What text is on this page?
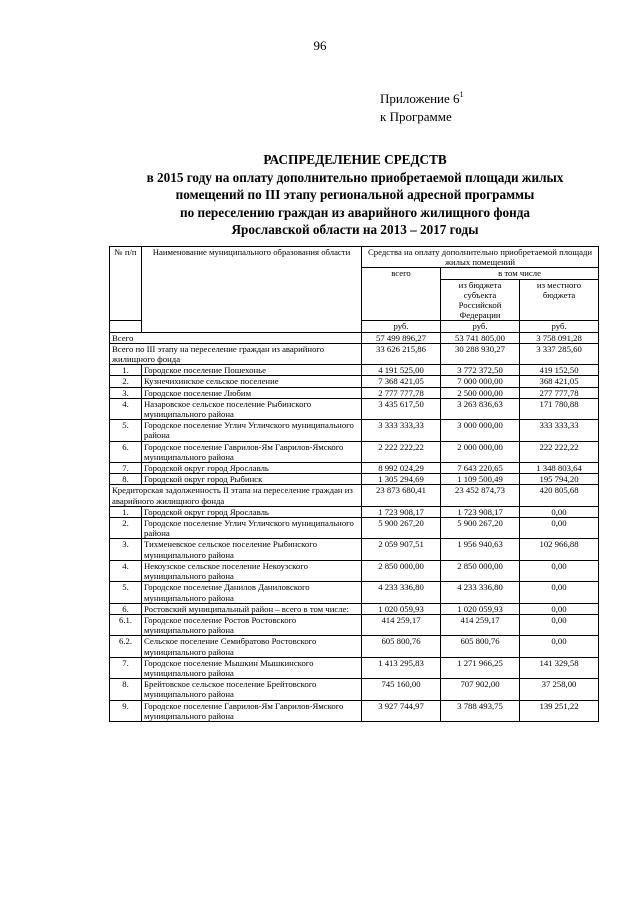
96
Приложение $6^1$
к Программе
РАСПРЕДЕЛЕНИЕ СРЕДСТВ
в 2015 году на оплату дополнительно приобретаемой площади жилых
помещений по III этапу региональной адресной программы
по переселению граждан из аварийного жилищного фонда
Ярославской области на 2013 – 2017 годы
№ п/п	Наименование муниципального образования области	Средства на оплату дополнительно приобретаемой площади жилых помещений		
		всего	в том числе	
			из бюджета субъекта Российской Федерации	из местного бюджета
		руб.	руб.	руб.
Всего		57 499 896,27	53 741 805,00	3 758 091,28
Всего по III этапу на переселение граждан из аварийного жилищного фонда		33 626 215,86	30 288 930,27	3 337 285,60
1.	Городское поселение Пошехонье	4 191 525,00	3 772 372,50	419 152,50
2.	Кузнечихинское сельское поселение	7 368 421,05	7 000 000,00	368 421,05
3.	Городское поселение Любим	2 777 777,78	2 500 000,00	277 777,78
4.	Назаровское сельское поселение Рыбинского муниципального района	3 435 617,50	3 263 836,63	171 780,88
5.	Городское поселение Углич Угличского муниципального района	3 333 333,33	3 000 000,00	333 333,33
6.	Городское поселение Гаврилов-Ям Гаврилов-Ямского муниципального района	2 222 222,22	2 000 000,00	222 222,22
7.	Городской округ город Ярославль	8 992 024,29	7 643 220,65	1 348 803,64
8.	Городской округ город Рыбинск	1 305 294,69	1 109 500,49	195 794,20
Кредиторская задолженность II этапа на переселение граждан из аварийного жилищного фонда		23 873 680,41	23 452 874,73	420 805,68
1.	Городской округ город Ярославль	1 723 908,17	1 723 908,17	0,00
2.	Городское поселение Углич Угличского муниципального района	5 900 267,20	5 900 267,20	0,00
3.	Тихменевское сельское поселение Рыбинского муниципального района	2 059 907,51	1 956 940,63	102 966,88
4.	Некоузское сельское поселение Некоузского муниципального района	2 850 000,00	2 850 000,00	0,00
5.	Городское поселение Данилов Даниловского муниципального района	4 233 336,80	4 233 336,80	0,00
6.	Ростовский муниципальный район – всего в том числе:	1 020 059,93	1 020 059,93	0,00
6.1.	Городское поселение Ростов Ростовского муниципального района	414 259,17	414 259,17	0,00
6.2.	Сельское поселение Семибратово Ростовского муниципального района	605 800,76	605 800,76	0,00
7.	Городское поселение Мышкин Мышкинского муниципального района	1 413 295,83	1 271 966,25	141 329,58
8.	Брейтовское сельское поселение Брейтовского муниципального района	745 160,00	707 902,00	37 258,00
9.	Городское поселение Гаврилов-Ям Гаврилов-Ямского муниципального района	3 927 744,97	3 788 493,75	139 251,22
